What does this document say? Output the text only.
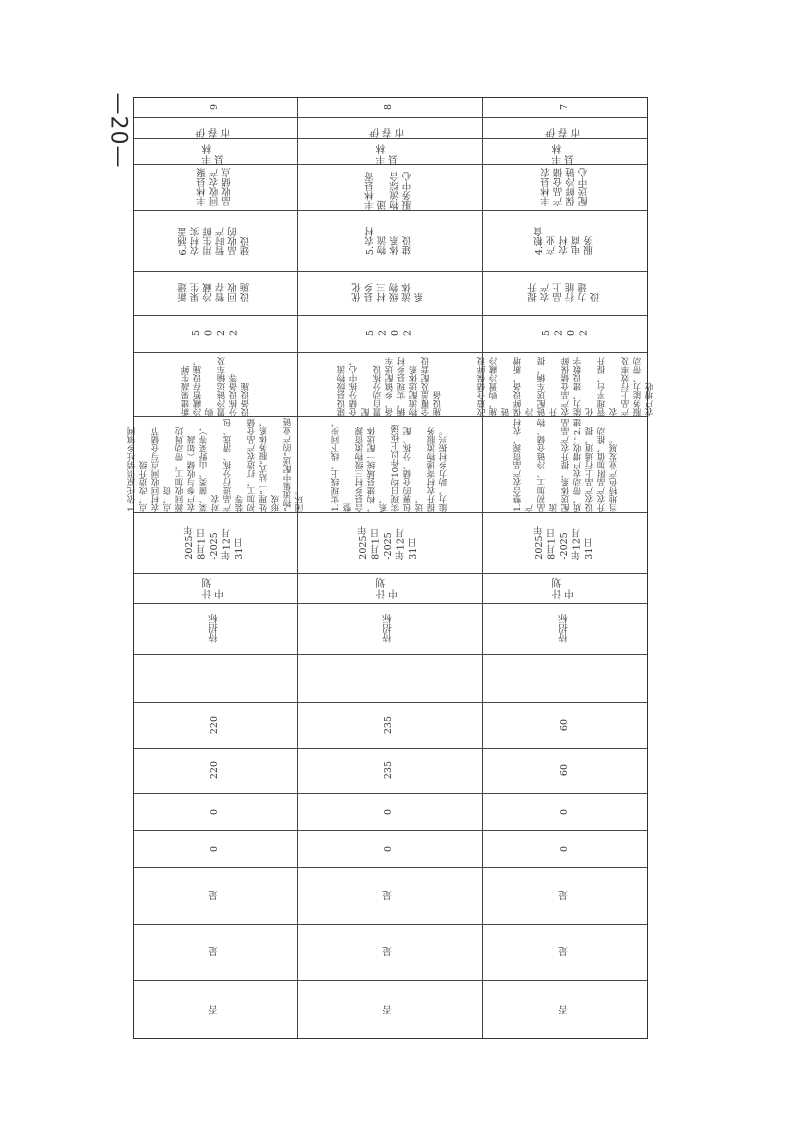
—20—	9
伊春市
丰林县
丰林县聚
回收农产
品收储点
6.涵盖
农村实
用生鲜
暂时产
品收的
建设
新建
果生
冷藏
暂存
回收
设施
5
0
2
2
新建果蔬生鲜
冷藏暂存设施，购
置冷链运输车及
分拣设备等
设备设施
1.依托原供销社乡镇网点，改造升级
农村回收网点与仓储节点，资
源回收加工，带动周边
农户参与收储（如蔬
菜、菌类、山野菜等），对农
产品进行分拣、清选、包装等
初加工，打造农产品仓储
处理“一站式”服务体系，形成
“物流集中配送”的产业链闭环。
2025年
8月1日
-2025
年12月
31日
计划
中
待招标
220
220
0
0
是
是
否
8
伊春市
丰林县
丰林县寄递
物流综合
服务中心
5.农村
物流
体系
建设
优化
县乡
村三
级物
流体
系
5
2
0
2
建设县级物流
仓储分拣中心，配
置自动分拣设
备，乡镇配送车
辆，实现县乡村
物流配送体系
全覆盖及配套设
施设备
1.实现线上、线下同步，整
合县乡村三级物流资源
，构建县域统一配送体系，
实现日均10件以上快递
包裹的仓储、分拣、配送，
提升农村寄递物流服务
能力，助力乡村振兴。
2025年
8月1日
-2025
年12月
31日
计划
中
待招标
235
235
0
0
是
是
否
7
伊春市
丰林县
丰林县农
产品仓储
保鲜冷链
配送中心
4.粮食
产业
农村
电商
服务
提升
农产
品上
行能
力建
设
5
2
0
2
改造仓储保鲜设
施，购置冷藏冷链
保鲜设备，新增冷
链配送车辆，提升
农产品仓储保鲜
能力，建设数字化
管理平台，提升农
产品上行效率及
服务能力，带动
农户增收
1.整合农产品资源，农村产
品初加工、冷链仓储、物流
配送体系，提升农产品品
质，带动农户增收；2.建
设农产品上行通道，提
升农产品附加值，推动
当地特色产业发展。
2025年
8月1日
-2025
年12月
31日
计划
中
待招标
60
60
0
0
是
是
否
